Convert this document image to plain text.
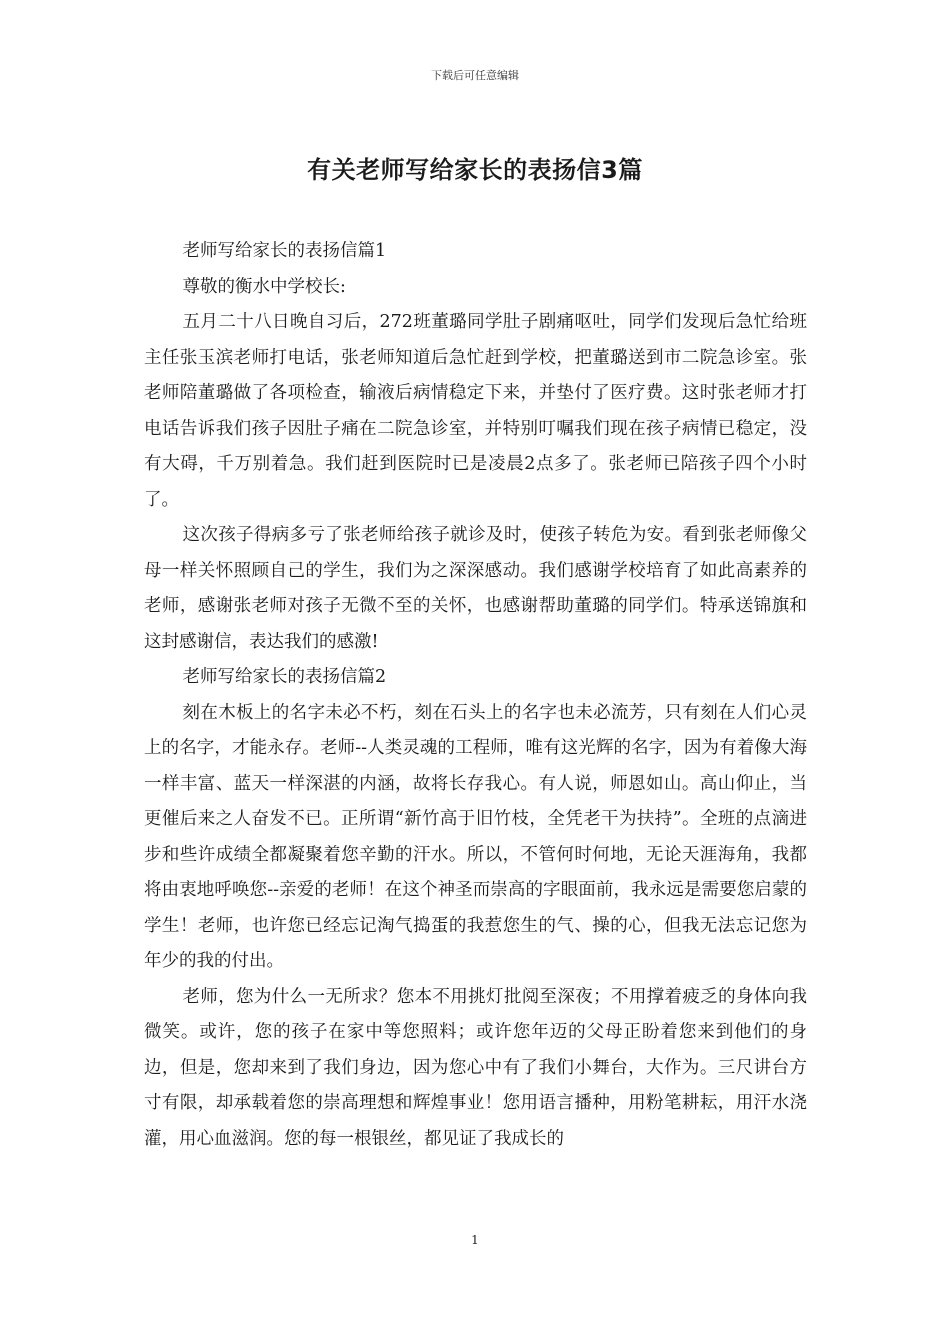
下载后可任意编辑
有关老师写给家长的表扬信3篇

老师写给家长的表扬信篇1

尊敬的衡水中学校长:

五月二十八日晚自习后，272班董璐同学肚子剧痛呕吐，同学们发现后急忙给班主任张玉滨老师打电话，张老师知道后急忙赶到学校，把董璐送到市二院急诊室。张老师陪董璐做了各项检查，输液后病情稳定下来，并垫付了医疗费。这时张老师才打电话告诉我们孩子因肚子痛在二院急诊室，并特别叮嘱我们现在孩子病情已稳定，没有大碍，千万别着急。我们赶到医院时已是凌晨2点多了。张老师已陪孩子四个小时了。

这次孩子得病多亏了张老师给孩子就诊及时，使孩子转危为安。看到张老师像父母一样关怀照顾自己的学生，我们为之深深感动。我们感谢学校培育了如此高素养的老师，感谢张老师对孩子无微不至的关怀，也感谢帮助董璐的同学们。特承送锦旗和这封感谢信，表达我们的感激!

老师写给家长的表扬信篇2

刻在木板上的名字未必不朽，刻在石头上的名字也未必流芳，只有刻在人们心灵上的名字，才能永存。老师--人类灵魂的工程师，唯有这光辉的名字，因为有着像大海一样丰富、蓝天一样深湛的内涵，故将长存我心。有人说，师恩如山。高山仰止，当更催后来之人奋发不已。正所谓“新竹高于旧竹枝，全凭老干为扶持”。全班的点滴进步和些许成绩全都凝聚着您辛勤的汗水。所以，不管何时何地，无论天涯海角，我都将由衷地呼唤您--亲爱的老师！在这个神圣而崇高的字眼面前，我永远是需要您启蒙的学生！老师，也许您已经忘记淘气捣蛋的我惹您生的气、操的心，但我无法忘记您为年少的我的付出。

老师，您为什么一无所求？您本不用挑灯批阅至深夜；不用撑着疲乏的身体向我微笑。或许，您的孩子在家中等您照料；或许您年迈的父母正盼着您来到他们的身边，但是，您却来到了我们身边，因为您心中有了我们小舞台，大作为。三尺讲台方寸有限，却承载着您的崇高理想和辉煌事业！您用语言播种，用粉笔耕耘，用汗水浇灌，用心血滋润。您的每一根银丝，都见证了我成长的

1
